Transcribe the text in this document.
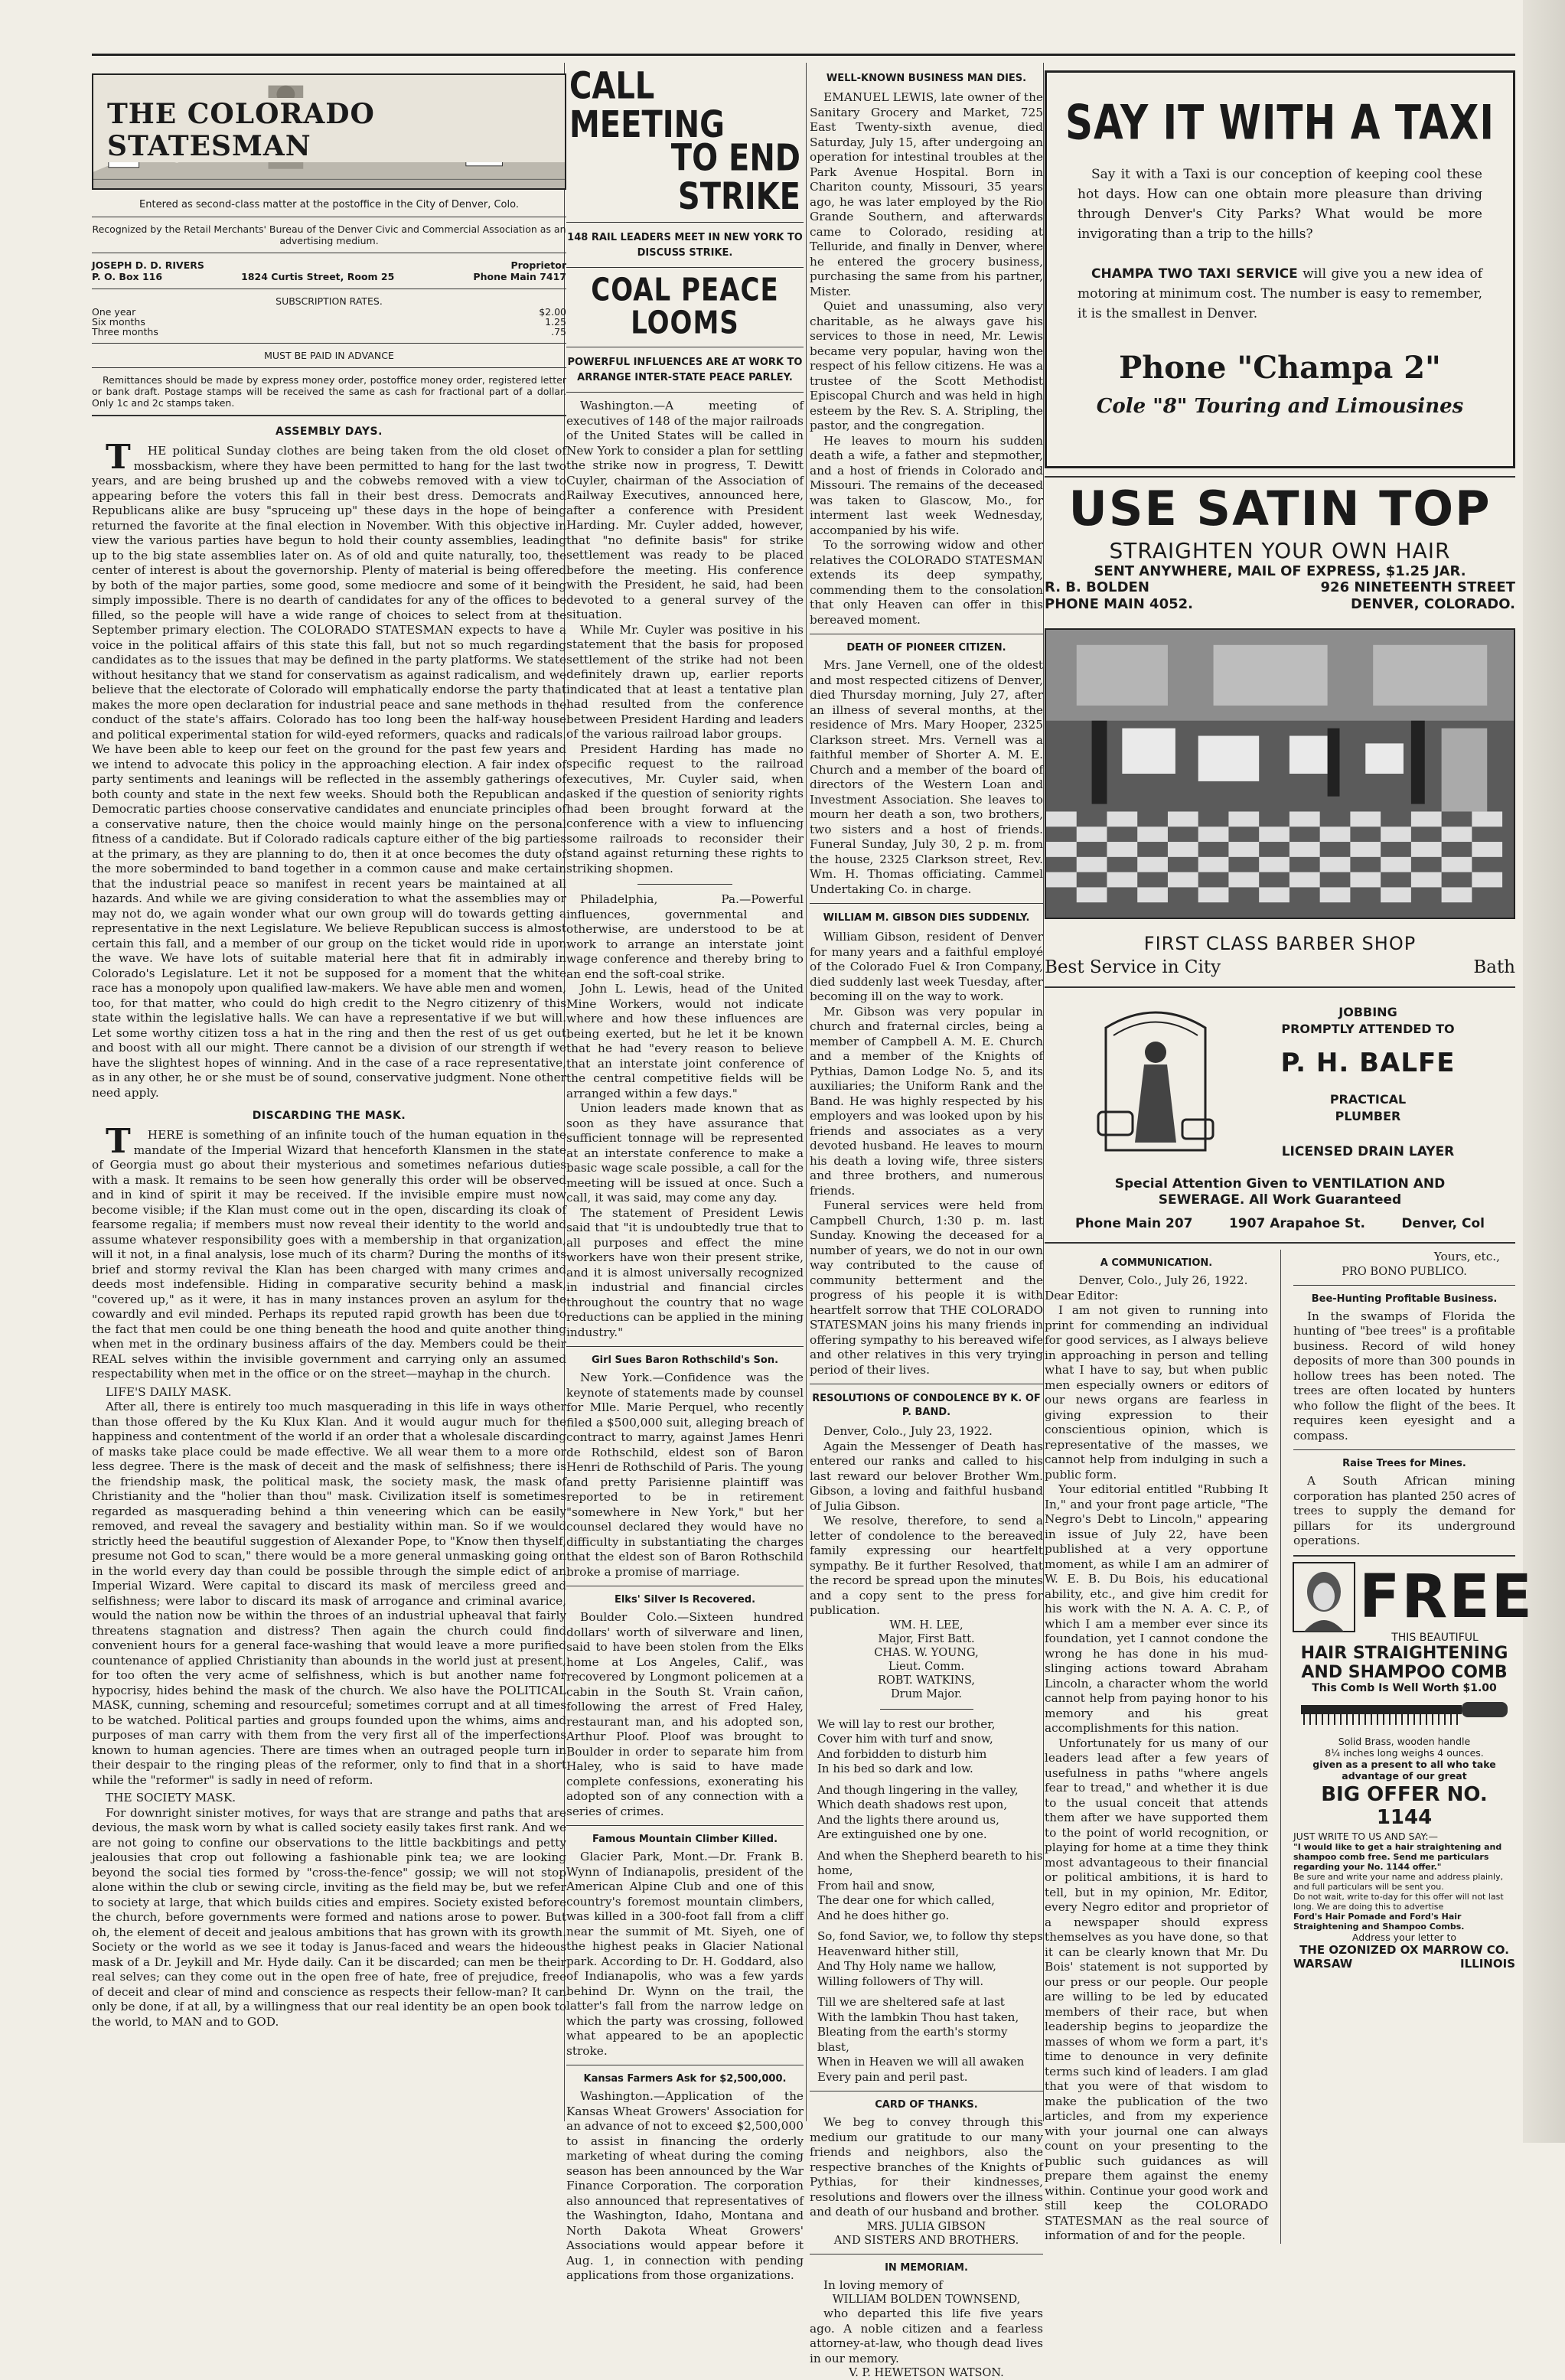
THE COLORADO STATESMAN
Entered as second-class matter at the postoffice in the City of Denver, Colo.
Recognized by the Retail Merchants' Bureau of the Denver Civic and Commercial Association as an advertising medium.
JOSEPH D. D. RIVERS	Proprietor
P. O. Box 116	1824 Curtis Street, Room 25	Phone Main 7417
SUBSCRIPTION RATES.
One year	$2.00
Six months	1.25
Three months	.75
MUST BE PAID IN ADVANCE
Remittances should be made by express money order, postoffice money order, registered letter or bank draft. Postage stamps will be received the same as cash for fractional part of a dollar. Only 1c and 2c stamps taken.
ASSEMBLY DAYS.
THE political Sunday clothes are being taken from the old closet of mossbackism, where they have been permitted to hang for the last two years, and are being brushed up and the cobwebs removed with a view to appearing before the voters this fall in their best dress. Democrats and Republicans alike are busy "spruceing up" these days in the hope of being returned the favorite at the final election in November. With this objective in view the various parties have begun to hold their county assemblies, leading up to the big state assemblies later on. As of old and quite naturally, too, the center of interest is about the governorship. Plenty of material is being offered by both of the major parties, some good, some mediocre and some of it being simply impossible. There is no dearth of candidates for any of the offices to be filled, so the people will have a wide range of choices to select from at the September primary election. The COLORADO STATESMAN expects to have a voice in the political affairs of this state this fall, but not so much regarding candidates as to the issues that may be defined in the party platforms. We state without hesitancy that we stand for conservatism as against radicalism, and we believe that the electorate of Colorado will emphatically endorse the party that makes the more open declaration for industrial peace and sane methods in the conduct of the state's affairs. Colorado has too long been the half-way house and political experimental station for wild-eyed reformers, quacks and radicals. We have been able to keep our feet on the ground for the past few years and we intend to advocate this policy in the approaching election. A fair index of party sentiments and leanings will be reflected in the assembly gatherings of both county and state in the next few weeks. Should both the Republican and Democratic parties choose conservative candidates and enunciate principles of a conservative nature, then the choice would mainly hinge on the personal fitness of a candidate. But if Colorado radicals capture either of the big parties at the primary, as they are planning to do, then it at once becomes the duty of the more soberminded to band together in a common cause and make certain that the industrial peace so manifest in recent years be maintained at all hazards. And while we are giving consideration to what the assemblies may or may not do, we again wonder what our own group will do towards getting a representative in the next Legislature. We believe Republican success is almost certain this fall, and a member of our group on the ticket would ride in upon the wave. We have lots of suitable material here that fit in admirably in Colorado's Legislature. Let it not be supposed for a moment that the white race has a monopoly upon qualified law-makers. We have able men and women, too, for that matter, who could do high credit to the Negro citizenry of this state within the legislative halls. We can have a representative if we but will. Let some worthy citizen toss a hat in the ring and then the rest of us get out and boost with all our might. There cannot be a division of our strength if we have the slightest hopes of winning. And in the case of a race representative, as in any other, he or she must be of sound, conservative judgment. None other need apply.
DISCARDING THE MASK.
THERE is something of an infinite touch of the human equation in the mandate of the Imperial Wizard that henceforth Klansmen in the state of Georgia must go about their mysterious and sometimes nefarious duties with a mask. It remains to be seen how generally this order will be observed and in kind of spirit it may be received. If the invisible empire must now become visible; if the Klan must come out in the open, discarding its cloak of fearsome regalia; if members must now reveal their identity to the world and assume whatever responsibility goes with a membership in that organization, will it not, in a final analysis, lose much of its charm? During the months of its brief and stormy revival the Klan has been charged with many crimes and deeds most indefensible. Hiding in comparative security behind a mask, "covered up," as it were, it has in many instances proven an asylum for the cowardly and evil minded. Perhaps its reputed rapid growth has been due to the fact that men could be one thing beneath the hood and quite another thing when met in the ordinary business affairs of the day. Members could be their REAL selves within the invisible government and carrying only an assumed respectability when met in the office or on the street—mayhap in the church.
LIFE'S DAILY MASK.
After all, there is entirely too much masquerading in this life in ways other than those offered by the Ku Klux Klan. And it would augur much for the happiness and contentment of the world if an order that a wholesale discarding of masks take place could be made effective. We all wear them to a more or less degree. There is the mask of deceit and the mask of selfishness; there is the friendship mask, the political mask, the society mask, the mask of Christianity and the "holier than thou" mask. Civilization itself is sometimes regarded as masquerading behind a thin veneering which can be easily removed, and reveal the savagery and bestiality within man. So if we would strictly heed the beautiful suggestion of Alexander Pope, to "Know then thyself, presume not God to scan," there would be a more general unmasking going on in the world every day than could be possible through the simple edict of an Imperial Wizard. Were capital to discard its mask of merciless greed and selfishness; were labor to discard its mask of arrogance and criminal avarice, would the nation now be within the throes of an industrial upheaval that fairly threatens stagnation and distress? Then again the church could find convenient hours for a general face-washing that would leave a more purified countenance of applied Christianity than abounds in the world just at present, for too often the very acme of selfishness, which is but another name for hypocrisy, hides behind the mask of the church. We also have the POLITICAL MASK, cunning, scheming and resourceful; sometimes corrupt and at all times to be watched. Political parties and groups founded upon the whims, aims and purposes of man carry with them from the very first all of the imperfections known to human agencies. There are times when an outraged people turn in their despair to the ringing pleas of the reformer, only to find that in a short while the "reformer" is sadly in need of reform.
THE SOCIETY MASK.
For downright sinister motives, for ways that are strange and paths that are devious, the mask worn by what is called society easily takes first rank. And we are not going to confine our observations to the little backbitings and petty jealousies that crop out following a fashionable pink tea; we are looking beyond the social ties formed by "cross-the-fence" gossip; we will not stop alone within the club or sewing circle, inviting as the field may be, but we refer to society at large, that which builds cities and empires. Society existed before the church, before governments were formed and nations arose to power. But oh, the element of deceit and jealous ambitions that has grown with its growth. Society or the world as we see it today is Janus-faced and wears the hideous mask of a Dr. Jeykill and Mr. Hyde daily. Can it be discarded; can men be their real selves; can they come out in the open free of hate, free of prejudice, free of deceit and clear of mind and conscience as respects their fellow-man? It can only be done, if at all, by a willingness that our real identity be an open book to the world, to MAN and to GOD.
CALL MEETING
TO END STRIKE
148 RAIL LEADERS MEET IN NEW YORK TO DISCUSS STRIKE.
COAL PEACE LOOMS
POWERFUL INFLUENCES ARE AT WORK TO ARRANGE INTER-STATE PEACE PARLEY.
Washington.—A meeting of executives of 148 of the major railroads of the United States will be called in New York to consider a plan for settling the strike now in progress, T. Dewitt Cuyler, chairman of the Association of Railway Executives, announced here, after a conference with President Harding. Mr. Cuyler added, however, that "no definite basis" for strike settlement was ready to be placed before the meeting. His conference with the President, he said, had been devoted to a general survey of the situation.
While Mr. Cuyler was positive in his statement that the basis for proposed settlement of the strike had not been definitely drawn up, earlier reports indicated that at least a tentative plan had resulted from the conference between President Harding and leaders of the various railroad labor groups.
President Harding has made no specific request to the railroad executives, Mr. Cuyler said, when asked if the question of seniority rights had been brought forward at the conference with a view to influencing some railroads to reconsider their stand against returning these rights to striking shopmen.
Philadelphia, Pa.—Powerful influences, governmental and otherwise, are understood to be at work to arrange an interstate joint wage conference and thereby bring to an end the soft-coal strike.
John L. Lewis, head of the United Mine Workers, would not indicate where and how these influences are being exerted, but he let it be known that he had "every reason to believe that an interstate joint conference of the central competitive fields will be arranged within a few days."
Union leaders made known that as soon as they have assurance that sufficient tonnage will be represented at an interstate conference to make a basic wage scale possible, a call for the meeting will be issued at once. Such a call, it was said, may come any day.
The statement of President Lewis said that "it is undoubtedly true that to all purposes and effect the mine workers have won their present strike, and it is almost universally recognized in industrial and financial circles throughout the country that no wage reductions can be applied in the mining industry."
Girl Sues Baron Rothschild's Son.
New York.—Confidence was the keynote of statements made by counsel for Mlle. Marie Perquel, who recently filed a $500,000 suit, alleging breach of contract to marry, against James Henri de Rothschild, eldest son of Baron Henri de Rothschild of Paris. The young and pretty Parisienne plaintiff was reported to be in retirement "somewhere in New York," but her counsel declared they would have no difficulty in substantiating the charges that the eldest son of Baron Rothschild broke a promise of marriage.
Elks' Silver Is Recovered.
Boulder Colo.—Sixteen hundred dollars' worth of silverware and linen, said to have been stolen from the Elks home at Los Angeles, Calif., was recovered by Longmont policemen at a cabin in the South St. Vrain cañon, following the arrest of Fred Haley, restaurant man, and his adopted son, Arthur Ploof. Ploof was brought to Boulder in order to separate him from Haley, who is said to have made complete confessions, exonerating his adopted son of any connection with a series of crimes.
Famous Mountain Climber Killed.
Glacier Park, Mont.—Dr. Frank B. Wynn of Indianapolis, president of the American Alpine Club and one of this country's foremost mountain climbers, was killed in a 300-foot fall from a cliff near the summit of Mt. Siyeh, one of the highest peaks in Glacier National park. According to Dr. H. Goddard, also of Indianapolis, who was a few yards behind Dr. Wynn on the trail, the latter's fall from the narrow ledge on which the party was crossing, followed what appeared to be an apoplectic stroke.
Kansas Farmers Ask for $2,500,000.
Washington.—Application of the Kansas Wheat Growers' Association for an advance of not to exceed $2,500,000 to assist in financing the orderly marketing of wheat during the coming season has been announced by the War Finance Corporation. The corporation also announced that representatives of the Washington, Idaho, Montana and North Dakota Wheat Growers' Associations would appear before it Aug. 1, in connection with pending applications from those organizations.
WELL-KNOWN BUSINESS MAN DIES.
EMANUEL LEWIS, late owner of the Sanitary Grocery and Market, 725 East Twenty-sixth avenue, died Saturday, July 15, after undergoing an operation for intestinal troubles at the Park Avenue Hospital. Born in Chariton county, Missouri, 35 years ago, he was later employed by the Rio Grande Southern, and afterwards came to Colorado, residing at Telluride, and finally in Denver, where he entered the grocery business, purchasing the same from his partner, Mister.
Quiet and unassuming, also very charitable, as he always gave his services to those in need, Mr. Lewis became very popular, having won the respect of his fellow citizens. He was a trustee of the Scott Methodist Episcopal Church and was held in high esteem by the Rev. S. A. Stripling, the pastor, and the congregation.
He leaves to mourn his sudden death a wife, a father and stepmother, and a host of friends in Colorado and Missouri. The remains of the deceased was taken to Glascow, Mo., for interment last week Wednesday, accompanied by his wife.
To the sorrowing widow and other relatives the COLORADO STATESMAN extends its deep sympathy, commending them to the consolation that only Heaven can offer in this bereaved moment.
DEATH OF PIONEER CITIZEN.
Mrs. Jane Vernell, one of the oldest and most respected citizens of Denver, died Thursday morning, July 27, after an illness of several months, at the residence of Mrs. Mary Hooper, 2325 Clarkson street. Mrs. Vernell was a faithful member of Shorter A. M. E. Church and a member of the board of directors of the Western Loan and Investment Association. She leaves to mourn her death a son, two brothers, two sisters and a host of friends. Funeral Sunday, July 30, 2 p. m. from the house, 2325 Clarkson street, Rev. Wm. H. Thomas officiating. Cammel Undertaking Co. in charge.
WILLIAM M. GIBSON DIES SUDDENLY.
William Gibson, resident of Denver for many years and a faithful employé of the Colorado Fuel & Iron Company, died suddenly last week Tuesday, after becoming ill on the way to work.
Mr. Gibson was very popular in church and fraternal circles, being a member of Campbell A. M. E. Church and a member of the Knights of Pythias, Damon Lodge No. 5, and its auxiliaries; the Uniform Rank and the Band. He was highly respected by his employers and was looked upon by his friends and associates as a very devoted husband. He leaves to mourn his death a loving wife, three sisters and three brothers, and numerous friends.
Funeral services were held from Campbell Church, 1:30 p. m. last Sunday. Knowing the deceased for a number of years, we do not in our own way contributed to the cause of community betterment and the progress of his people it is with heartfelt sorrow that THE COLORADO STATESMAN joins his many friends in offering sympathy to his bereaved wife and other relatives in this very trying period of their lives.
RESOLUTIONS OF CONDOLENCE BY K. OF P. BAND.
Denver, Colo., July 23, 1922.
Again the Messenger of Death has entered our ranks and called to his last reward our belover Brother Wm. Gibson, a loving and faithful husband of Julia Gibson.
We resolve, therefore, to send a letter of condolence to the bereaved family expressing our heartfelt sympathy. Be it further Resolved, that the record be spread upon the minutes and a copy sent to the press for publication.
WM. H. LEE,
Major, First Batt.
CHAS. W. YOUNG,
Lieut. Comm.
ROBT. WATKINS,
Drum Major.
We will lay to rest our brother,
Cover him with turf and snow,
And forbidden to disturb him
In his bed so dark and low.
And though lingering in the valley,
Which death shadows rest upon,
And the lights there around us,
Are extinguished one by one.
And when the Shepherd beareth to his home,
From hail and snow,
The dear one for which called,
And he does hither go.
So, fond Savior, we, to follow thy steps
Heavenward hither still,
And Thy Holy name we hallow,
Willing followers of Thy will.
Till we are sheltered safe at last
With the lambkin Thou hast taken,
Bleating from the earth's stormy blast,
When in Heaven we will all awaken
Every pain and peril past.
CARD OF THANKS.
We beg to convey through this medium our gratitude to our many friends and neighbors, also the respective branches of the Knights of Pythias, for their kindnesses, resolutions and flowers over the illness and death of our husband and brother.
MRS. JULIA GIBSON
AND SISTERS AND BROTHERS.
IN MEMORIAM.
In loving memory of
WILLIAM BOLDEN TOWNSEND,
who departed this life five years ago. A noble citizen and a fearless attorney-at-law, who though dead lives in our memory.
V. P. HEWETSON WATSON.
SAY IT WITH A TAXI
Say it with a Taxi is our conception of keeping cool these hot days. How can one obtain more pleasure than driving through Denver's City Parks? What would be more invigorating than a trip to the hills?
CHAMPA TWO TAXI SERVICE will give you a new idea of motoring at minimum cost. The number is easy to remember, it is the smallest in Denver.
Phone "Champa 2"
Cole "8" Touring and Limousines
USE SATIN TOP
STRAIGHTEN YOUR OWN HAIR
SENT ANYWHERE, MAIL OF EXPRESS, $1.25 JAR.
R. B. BOLDEN
PHONE MAIN 4052.
926 NINETEENTH STREET
DENVER, COLORADO.
FIRST CLASS BARBER SHOP
Best Service in City	Bath
JOBBING
PROMPTLY ATTENDED TO
P. H. BALFE
PRACTICAL
PLUMBER
LICENSED DRAIN LAYER
Special Attention Given to VENTILATION AND SEWERAGE. All Work Guaranteed
Phone Main 207	1907 Arapahoe St.	Denver, Col
A COMMUNICATION.
Denver, Colo., July 26, 1922.
Dear Editor:
I am not given to running into print for commending an individual for good services, as I always believe in approaching in person and telling what I have to say, but when public men especially owners or editors of our news organs are fearless in giving expression to their conscientious opinion, which is representative of the masses, we cannot help from indulging in such a public form.
Your editorial entitled "Rubbing It In," and your front page article, "The Negro's Debt to Lincoln," appearing in issue of July 22, have been published at a very opportune moment, as while I am an admirer of W. E. B. Du Bois, his educational ability, etc., and give him credit for his work with the N. A. A. C. P., of which I am a member ever since its foundation, yet I cannot condone the wrong he has done in his mud-slinging actions toward Abraham Lincoln, a character whom the world cannot help from paying honor to his memory and his great accomplishments for this nation.
Unfortunately for us many of our leaders lead after a few years of usefulness in paths "where angels fear to tread," and whether it is due to the usual conceit that attends them after we have supported them to the point of world recognition, or playing for home at a time they think most advantageous to their financial or political ambitions, it is hard to tell, but in my opinion, Mr. Editor, every Negro editor and proprietor of a newspaper should express themselves as you have done, so that it can be clearly known that Mr. Du Bois' statement is not supported by our press or our people. Our people are willing to be led by educated members of their race, but when leadership begins to jeopardize the masses of whom we form a part, it's time to denounce in very definite terms such kind of leaders. I am glad that you were of that wisdom to make the publication of the two articles, and from my experience with your journal one can always count on your presenting to the public such guidances as will prepare them against the enemy within. Continue your good work and still keep the COLORADO STATESMAN as the real source of information of and for the people.
Yours, etc.,
PRO BONO PUBLICO.
Bee-Hunting Profitable Business.
In the swamps of Florida the hunting of "bee trees" is a profitable business. Record of wild honey deposits of more than 300 pounds in hollow trees has been noted. The trees are often located by hunters who follow the flight of the bees. It requires keen eyesight and a compass.
Raise Trees for Mines.
A South African mining corporation has planted 250 acres of trees to supply the demand for pillars for its underground operations.
FREE
THIS BEAUTIFUL
HAIR STRAIGHTENING
AND SHAMPOO COMB
This Comb Is Well Worth $1.00
Solid Brass, wooden handle
8¼ inches long weighs 4 ounces.
given as a present to all who take advantage of our great
BIG OFFER NO. 1144
JUST WRITE TO US AND SAY:—
"I would like to get a hair straightening and shampoo comb free. Send me particulars regarding your No. 1144 offer."
Be sure and write your name and address plainly, and full particulars will be sent you.
Do not wait, write to-day for this offer will not last long. We are doing this to advertise
Ford's Hair Pomade and Ford's Hair Straightening and Shampoo Combs.
Address your letter to
THE OZONIZED OX MARROW CO.
WARSAW	ILLINOIS
